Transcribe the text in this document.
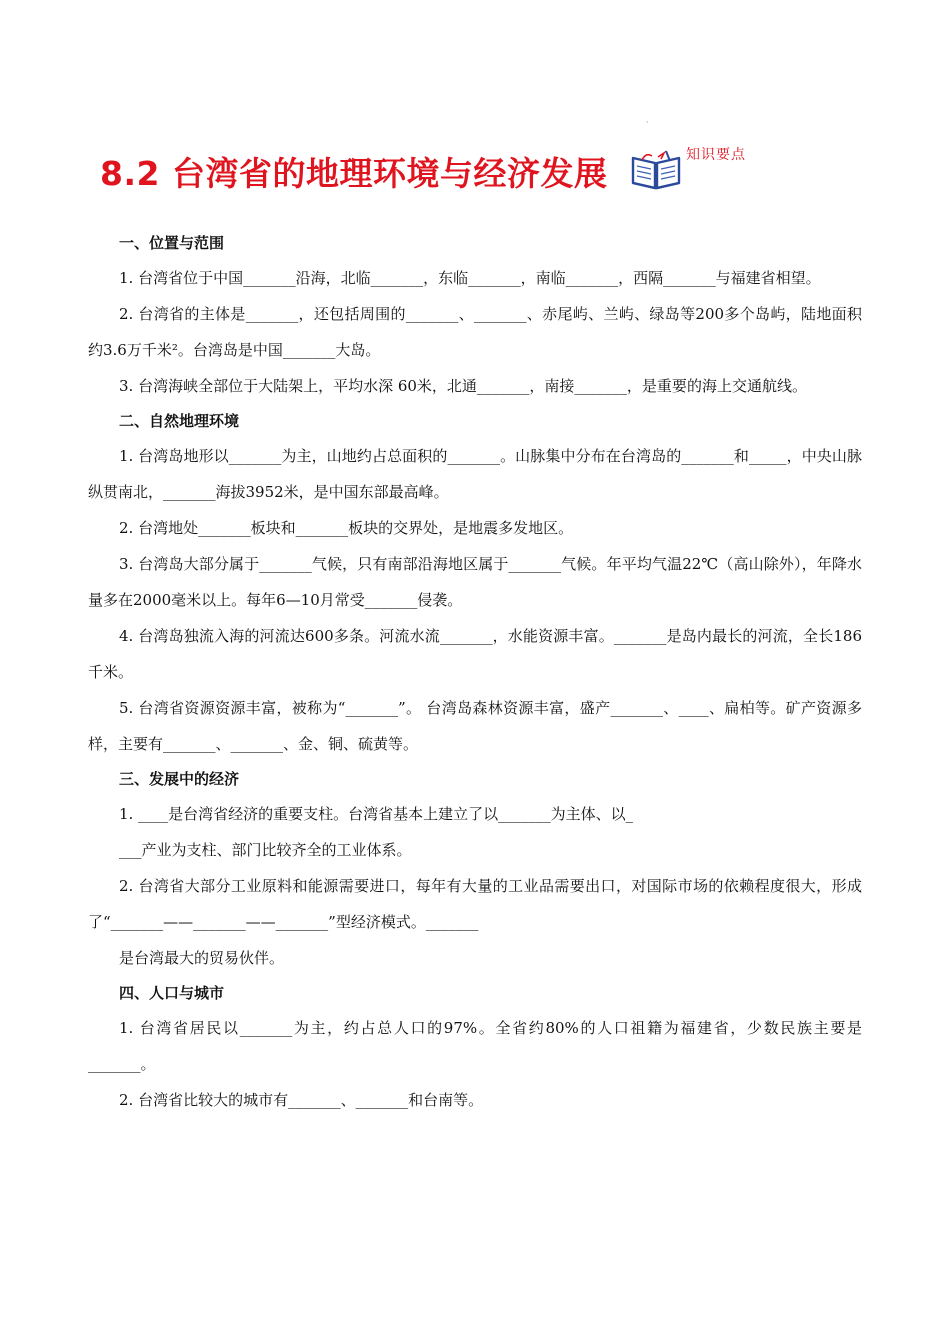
·
8.2 台湾省的地理环境与经济发展	知识要点
一、位置与范围

1. 台湾省位于中国_______沿海，北临_______，东临_______，南临_______，西隔_______与福建省相望。

2. 台湾省的主体是_______，还包括周围的_______、_______、赤尾屿、兰屿、绿岛等200多个岛屿，陆地面积约3.6万千米²。台湾岛是中国_______大岛。

3. 台湾海峡全部位于大陆架上，平均水深 60米，北通_______，南接_______，是重要的海上交通航线。

二、自然地理环境

1. 台湾岛地形以_______为主，山地约占总面积的_______。山脉集中分布在台湾岛的_______和_____，中央山脉纵贯南北，_______海拔3952米，是中国东部最高峰。

2. 台湾地处_______板块和_______板块的交界处，是地震多发地区。

3. 台湾岛大部分属于_______气候，只有南部沿海地区属于_______气候。年平均气温22℃（高山除外），年降水量多在2000毫米以上。每年6—10月常受_______侵袭。

4. 台湾岛独流入海的河流达600多条。河流水流_______，水能资源丰富。_______是岛内最长的河流，全长186千米。

5. 台湾省资源资源丰富，被称为“_______”。 台湾岛森林资源丰富，盛产_______、____、扁柏等。矿产资源多样，主要有_______、_______、金、铜、硫黄等。

三、发展中的经济

1. ____是台湾省经济的重要支柱。台湾省基本上建立了以_______为主体、以_

___产业为支柱、部门比较齐全的工业体系。

2. 台湾省大部分工业原料和能源需要进口，每年有大量的工业品需要出口，对国际市场的依赖程度很大，形成了“_______——_______——_______”型经济模式。_______

是台湾最大的贸易伙伴。

四、人口与城市

1. 台湾省居民以_______为主，约占总人口的97%。全省约80%的人口祖籍为福建省，少数民族主要是_______。

2. 台湾省比较大的城市有_______、_______和台南等。
